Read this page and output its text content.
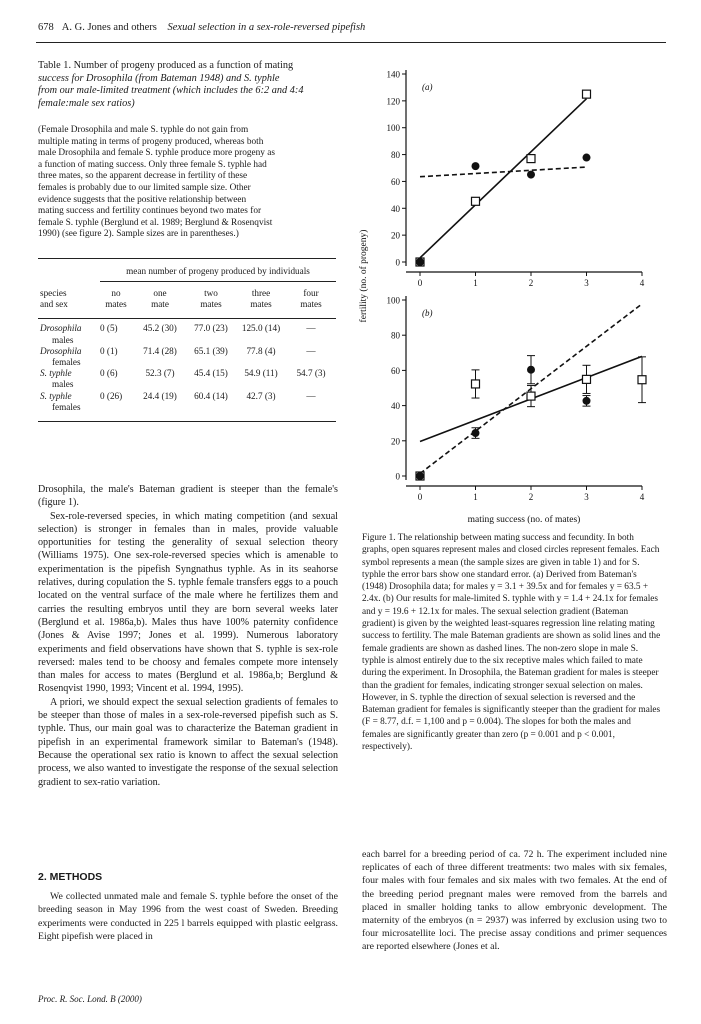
678 A. G. Jones and others Sexual selection in a sex-role-reversed pipefish
Table 1. Number of progeny produced as a function of mating
success for Drosophila (from Bateman 1948) and S. typhle
from our male-limited treatment (which includes the 6:2 and 4:4
female:male sex ratios)
(Female Drosophila and male S. typhle do not gain from
multiple mating in terms of progeny produced, whereas both
male Drosophila and female S. typhle produce more progeny as
a function of mating success. Only three female S. typhle had
three mates, so the apparent decrease in fertility of these
females is probably due to our limited sample size. Other
evidence suggests that the positive relationship between
mating success and fertility continues beyond two mates for
female S. typhle (Berglund et al. 1989; Berglund & Rosenqvist
1990) (see figure 2). Sample sizes are in parentheses.)
mean number of progeny produced by individuals
species	no	one	two	three	four
and sex	mates	mate	mates	mates	mates

Drosophila
males	0 (5)	45.2 (30)	77.0 (23)	125.0 (14)	—
Drosophila
females	0 (1)	71.4 (28)	65.1 (39)	77.8 (4)	—
S. typhle
males	0 (6)	52.3 (7)	45.4 (15)	54.9 (11)	54.7 (3)
S. typhle
females	0 (26)	24.4 (19)	60.4 (14)	42.7 (3)	—

Drosophila, the male's Bateman gradient is steeper than the female's (figure 1).

Sex-role-reversed species, in which mating competition (and sexual selection) is stronger in females than in males, provide valuable opportunities for testing the generality of sexual selection theory (Williams 1975). One sex-role-reversed species which is amenable to experimentation is the pipefish Syngnathus typhle. As in its seahorse relatives, during copulation the S. typhle female transfers eggs to a pouch located on the ventral surface of the male where he fertilizes them and carries the resulting embryos until they are born several weeks later (Berglund et al. 1986a,b). Males thus have 100% paternity confidence (Jones & Avise 1997; Jones et al. 1999). Numerous laboratory experiments and field observations have shown that S. typhle is sex-role reversed: males tend to be choosy and females compete more intensely than males for access to mates (Berglund et al. 1986a,b; Berglund & Rosenqvist 1990, 1993; Vincent et al. 1994, 1995).

A priori, we should expect the sexual selection gradients of females to be steeper than those of males in a sex-role-reversed pipefish such as S. typhle. Thus, our main goal was to characterize the Bateman gradient in pipefish in an experimental framework similar to Bateman's (1948). Because the operational sex ratio is known to affect the sexual selection process, we also wanted to investigate the response of the sexual selection gradient to sex-ratio variation.

2. METHODS

We collected unmated male and female S. typhle before the onset of the breeding season in May 1996 from the west coast of Sweden. Breeding experiments were conducted in 225 l barrels equipped with plastic eelgrass. Eight pipefish were placed in

Proc. R. Soc. Lond. B (2000)
0
20
40
60
80
100
120
140
0	1	2	3	4
(a)
0
20
40
60
80
100
0	1	2	3	4
(b)
fertility (no. of progeny)
mating success (no. of mates)
Figure 1. The relationship between mating success and fecundity. In both graphs, open squares represent males and closed circles represent females. Each symbol represents a mean (the sample sizes are given in table 1) and for S. typhle the error bars show one standard error. (a) Derived from Bateman's (1948) Drosophila data; for males y = 3.1 + 39.5x and for females y = 63.5 + 2.4x. (b) Our results for male-limited S. typhle with y = 1.4 + 24.1x for females and y = 19.6 + 12.1x for males. The sexual selection gradient (Bateman gradient) is given by the weighted least-squares regression line relating mating success to fertility. The male Bateman gradients are shown as solid lines and the female gradients are shown as dashed lines. The non-zero slope in male S. typhle is almost entirely due to the six receptive males which failed to mate during the experiment. In Drosophila, the Bateman gradient for males is steeper than the gradient for females, indicating stronger sexual selection on males. However, in S. typhle the direction of sexual selection is reversed and the Bateman gradient for females is significantly steeper than the gradient for males (F = 8.77, d.f. = 1,100 and p = 0.004). The slopes for both the males and females are significantly greater than zero (p = 0.001 and p < 0.001, respectively).
each barrel for a breeding period of ca. 72 h. The experiment included nine replicates of each of three different treatments: two males with six females, four males with four females and six males with two females. At the end of the breeding period pregnant males were removed from the barrels and placed in smaller holding tanks to allow embryonic development. The maternity of the embryos (n = 2937) was inferred by exclusion using two to four microsatellite loci. The precise assay conditions and primer sequences are reported elsewhere (Jones et al.
